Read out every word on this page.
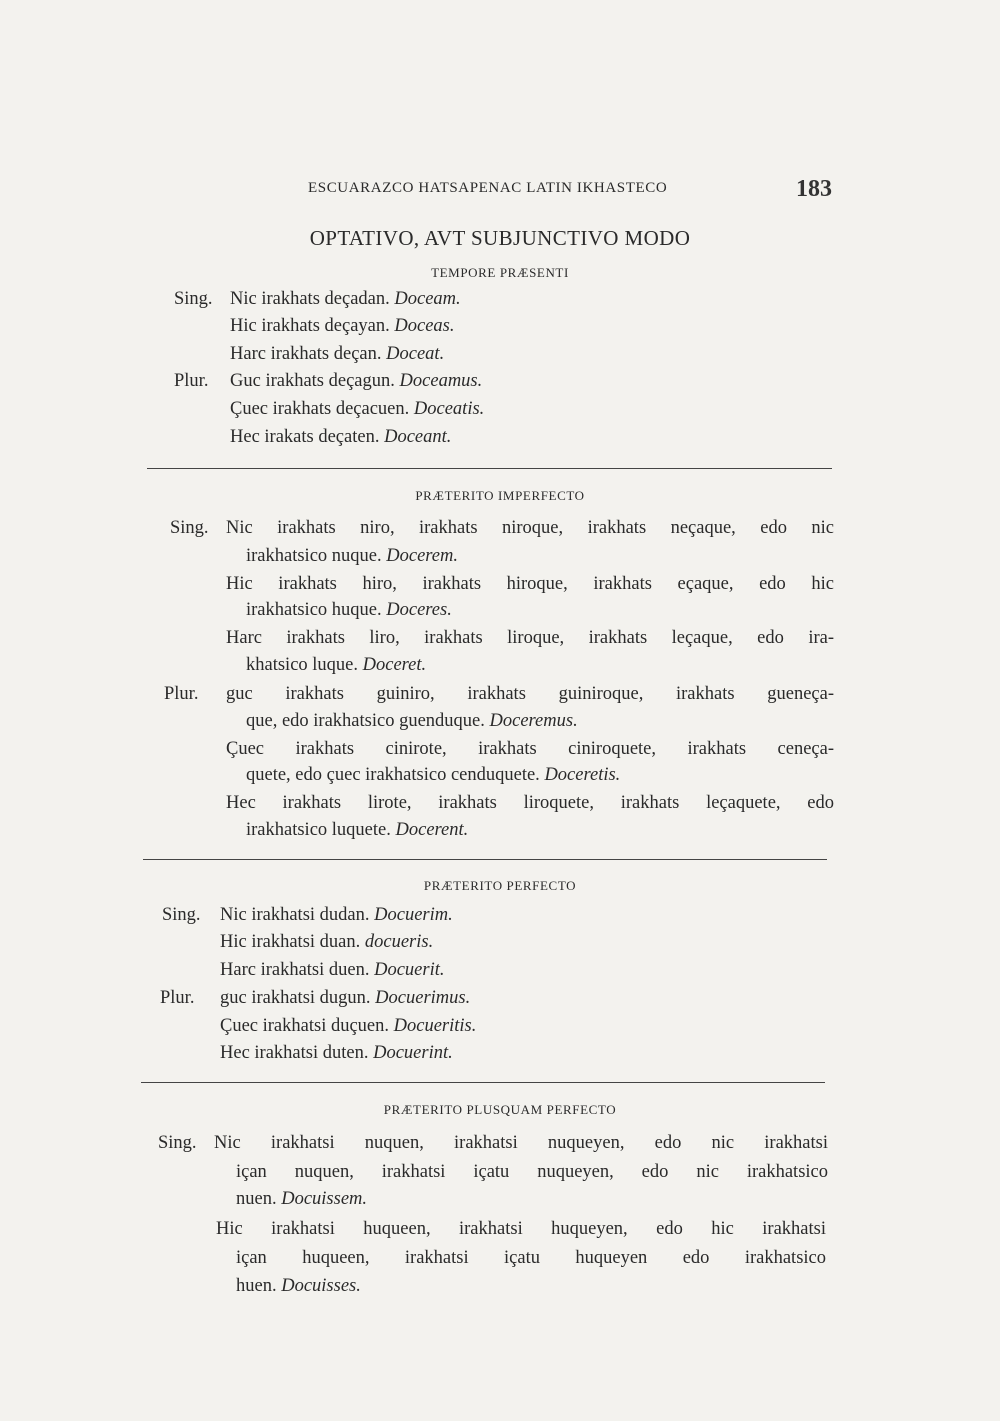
ESCUARAZCO HATSAPENAC LATIN IKHASTECO	183
OPTATIVO, AVT SUBJUNCTIVO MODO
TEMPORE PRÆSENTI
Sing. Nic irakhats deçadan. Doceam.
Hic irakhats deçayan. Doceas.
Harc irakhats deçan. Doceat.
Plur. Guc irakhats deçagun. Doceamus.
Çuec irakhats deçacuen. Doceatis.
Hec irakats deçaten. Doceant.
PRÆTERITO IMPERFECTO
Sing. Nic irakhats niro, irakhats niroque, irakhats neçaque, edo nic
irakhatsico nuque. Docerem.
Hic irakhats hiro, irakhats hiroque, irakhats eçaque, edo hic
irakhatsico huque. Doceres.
Harc irakhats liro, irakhats liroque, irakhats leçaque, edo ira-
khatsico luque. Doceret.
Plur. guc irakhats guiniro, irakhats guiniroque, irakhats gueneça-
que, edo irakhatsico guenduque. Doceremus.
Çuec irakhats cinirote, irakhats ciniroquete, irakhats ceneça-
quete, edo çuec irakhatsico cenduquete. Doceretis.
Hec irakhats lirote, irakhats liroquete, irakhats leçaquete, edo
irakhatsico luquete. Docerent.
PRÆTERITO PERFECTO
Sing. Nic irakhatsi dudan. Docuerim.
Hic irakhatsi duan. docueris.
Harc irakhatsi duen. Docuerit.
Plur. guc irakhatsi dugun. Docuerimus.
Çuec irakhatsi duçuen. Docueritis.
Hec irakhatsi duten. Docuerint.
PRÆTERITO PLUSQUAM PERFECTO
Sing. Nic irakhatsi nuquen, irakhatsi nuqueyen, edo nic irakhatsi
içan nuquen, irakhatsi içatu nuqueyen, edo nic irakhatsico
nuen. Docuissem.
Hic irakhatsi huqueen, irakhatsi huqueyen, edo hic irakhatsi
içan huqueen, irakhatsi içatu huqueyen edo irakhatsico
huen. Docuisses.
